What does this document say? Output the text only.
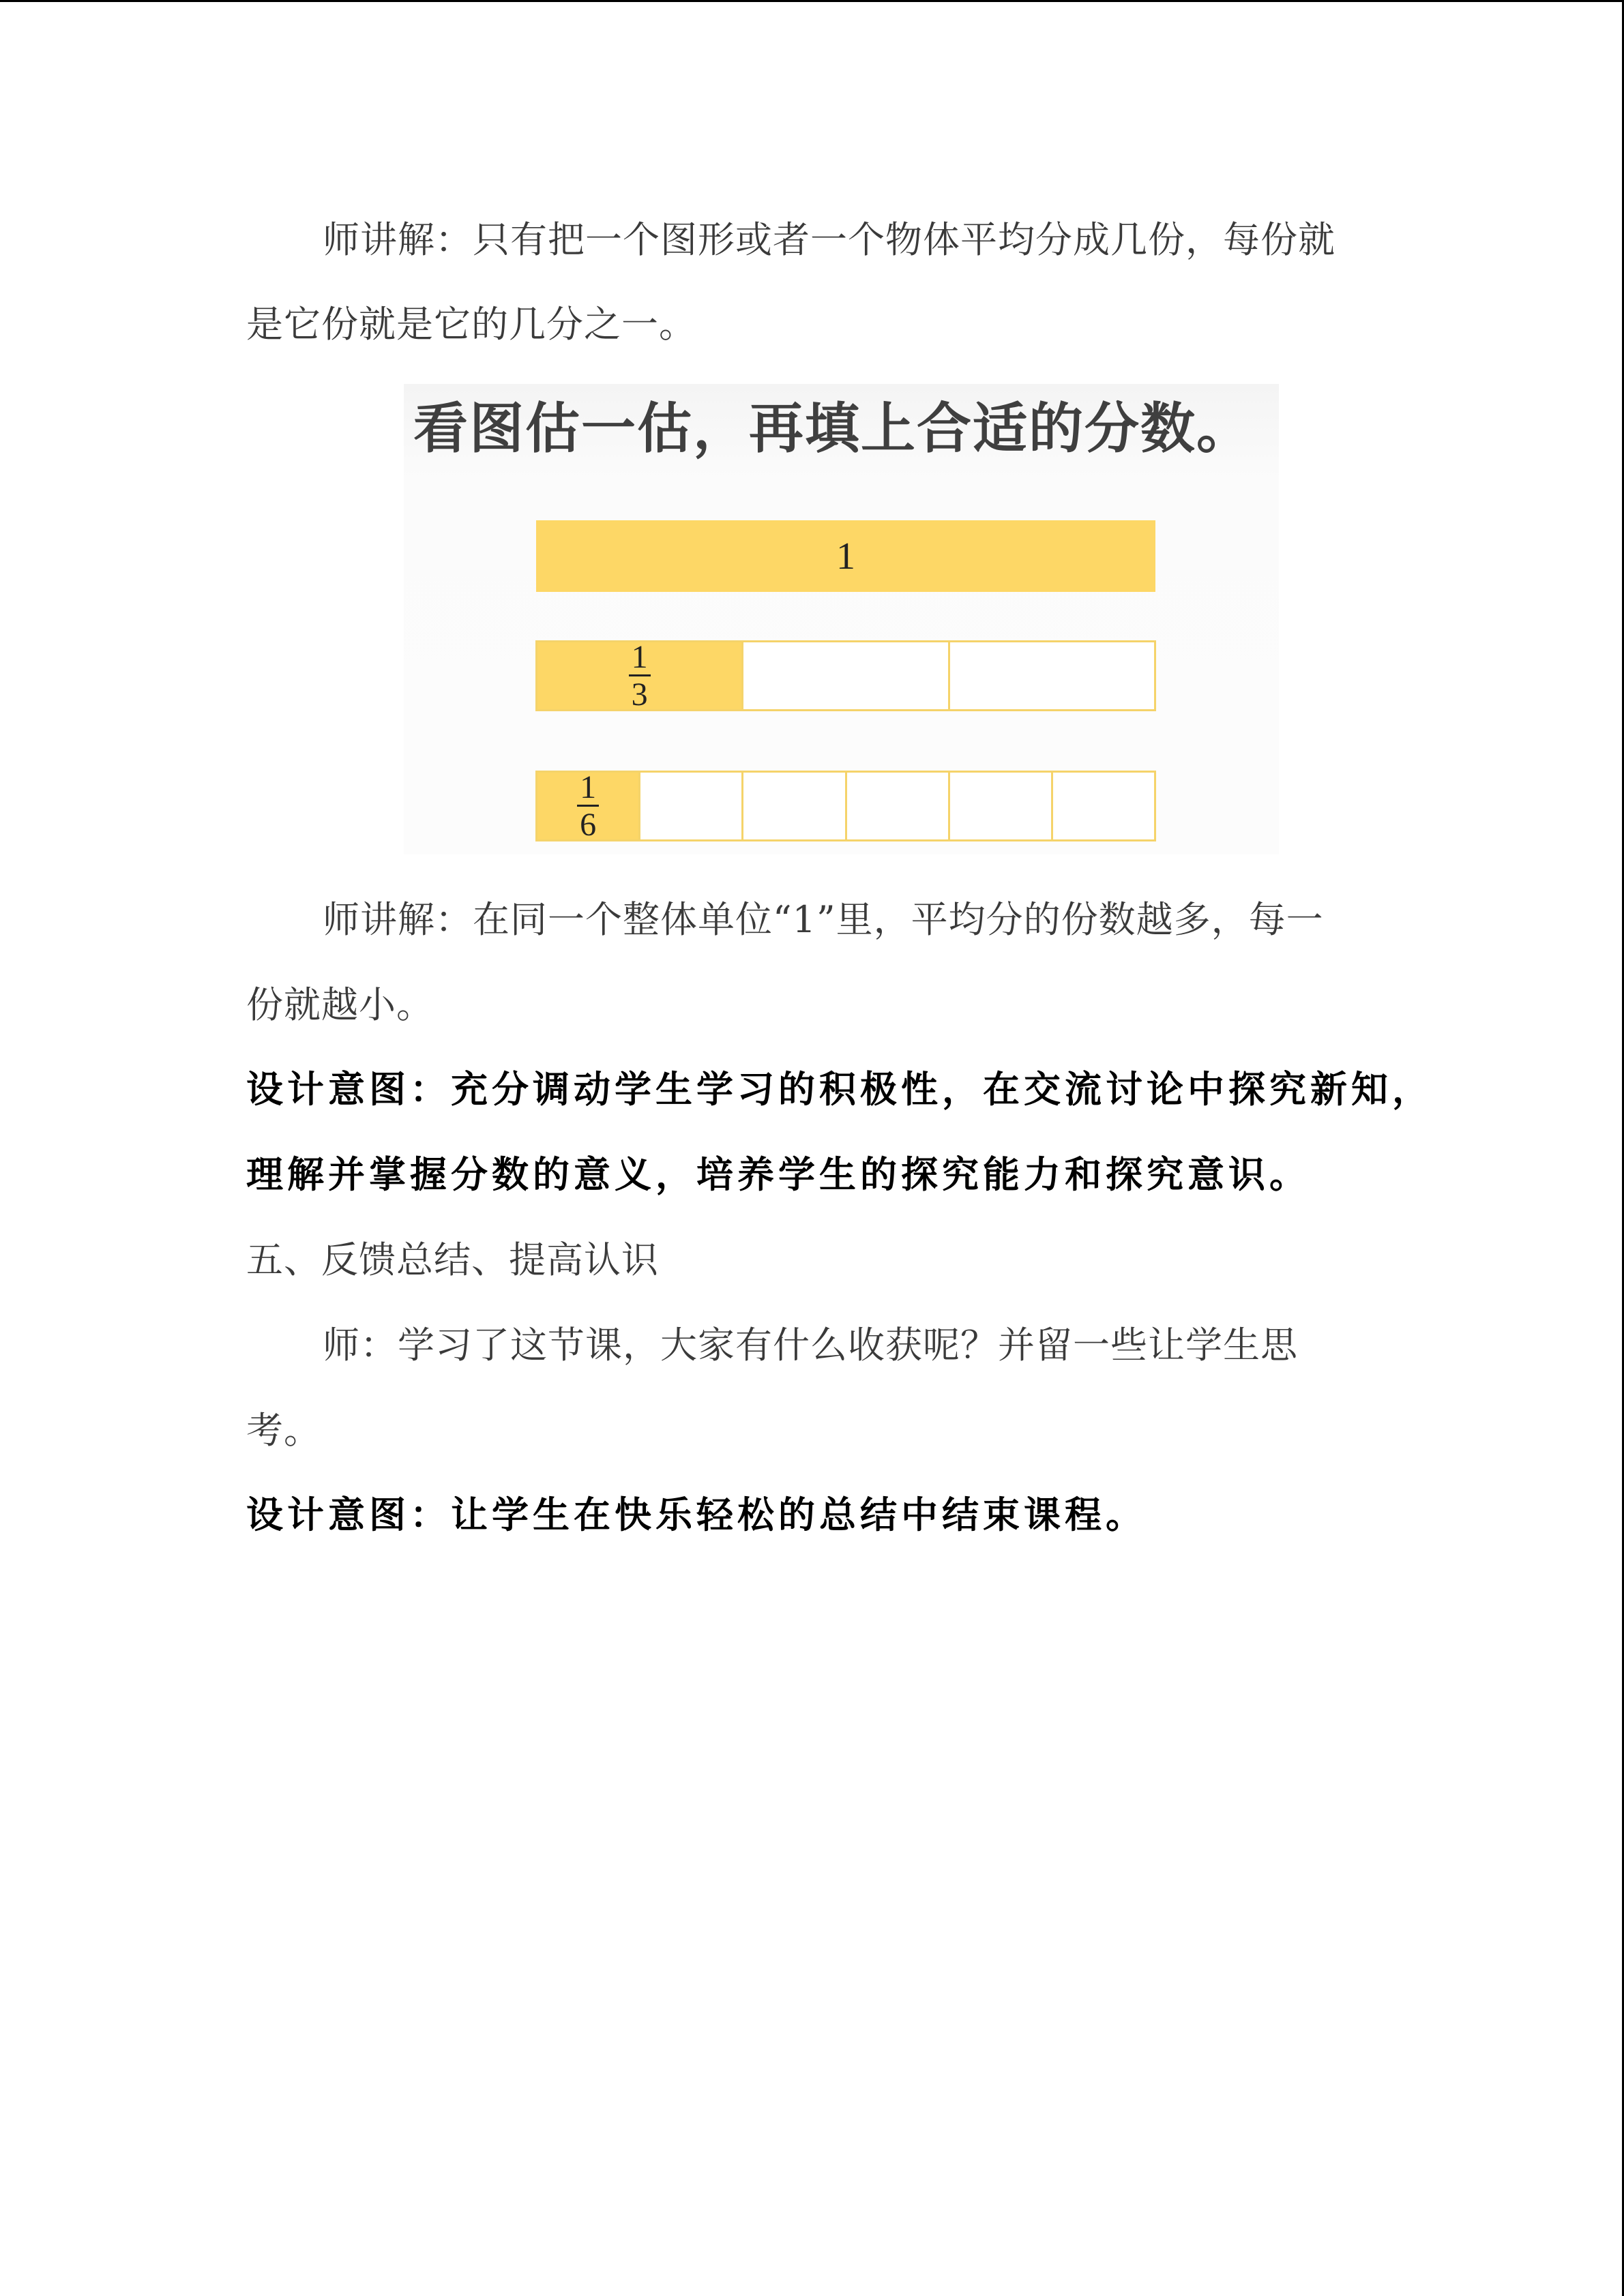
师讲解：只有把一个图形或者一个物体平均分成几份，每份就
是它份就是它的几分之一。
看图估一估，再填上合适的分数。
1
$\frac{1}{3}$
$\frac{1}{6}$
师讲解：在同一个整体单位“1”里，平均分的份数越多，每一
份就越小。
设计意图：充分调动学生学习的积极性，在交流讨论中探究新知，
理解并掌握分数的意义，培养学生的探究能力和探究意识。
五、反馈总结、提高认识
师：学习了这节课，大家有什么收获呢？并留一些让学生思
考。
设计意图：让学生在快乐轻松的总结中结束课程。
